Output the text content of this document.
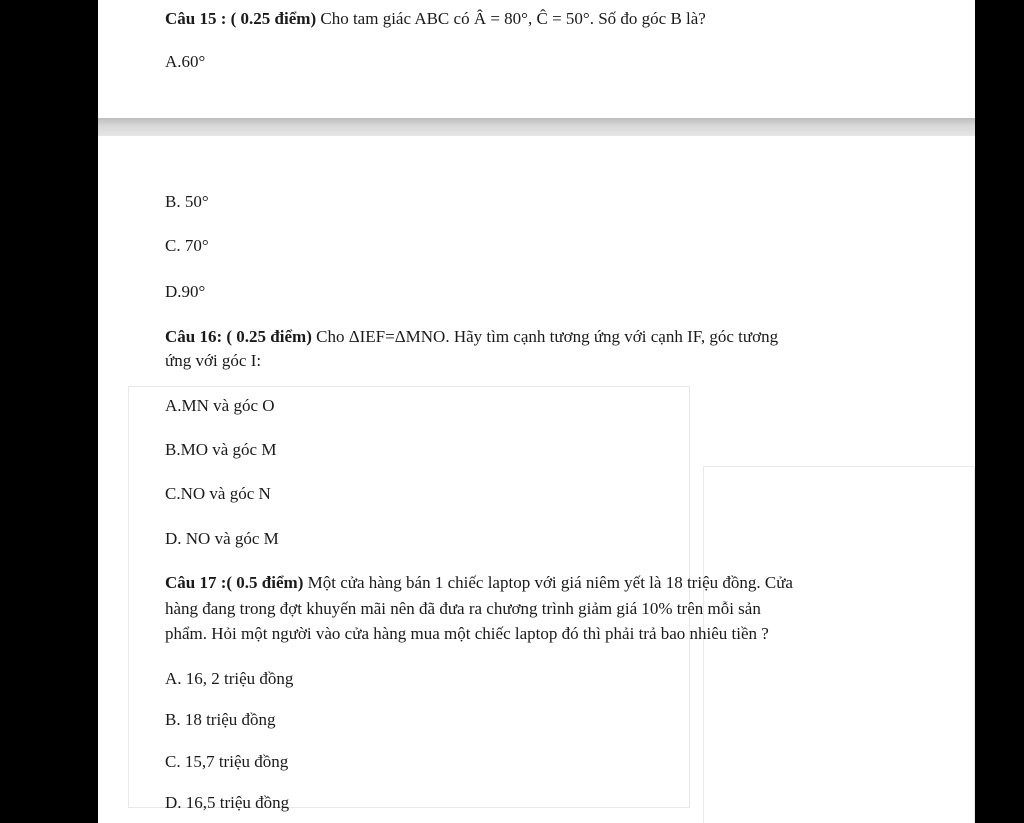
Câu 15 : ( 0.25 điểm) Cho tam giác ABC có Â = 80°, Ĉ = 50°. Số đo góc B là?
A.60°
B. 50°
C. 70°
D.90°
Câu 16: ( 0.25 điểm) Cho ΔIEF=ΔMNO. Hãy tìm cạnh tương ứng với cạnh IF, góc tương
ứng với góc I:
A.MN và góc O
B.MO và góc M
C.NO và góc N
D. NO và góc M
Câu 17 :( 0.5 điểm) Một cửa hàng bán 1 chiếc laptop với giá niêm yết là 18 triệu đồng. Cửa
hàng đang trong đợt khuyến mãi nên đã đưa ra chương trình giảm giá 10% trên mỗi sản
phẩm. Hỏi một người vào cửa hàng mua một chiếc laptop đó thì phải trả bao nhiêu tiền ?
A. 16, 2 triệu đồng
B. 18 triệu đồng
C. 15,7 triệu đồng
D. 16,5 triệu đồng
